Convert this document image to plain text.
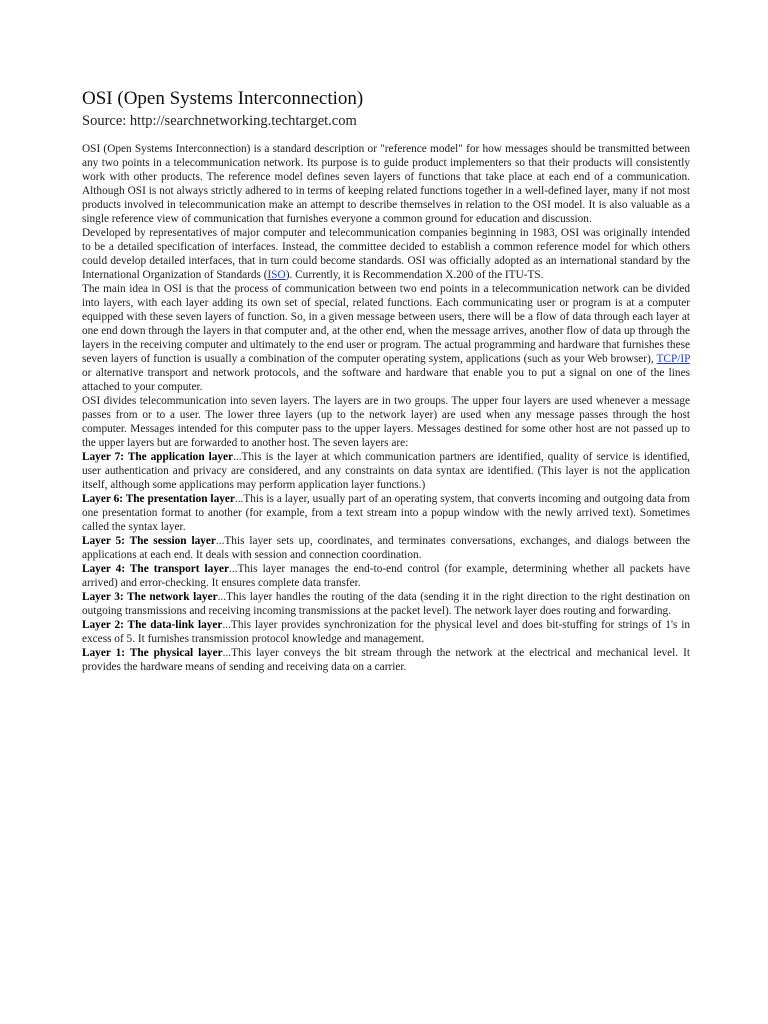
OSI (Open Systems Interconnection)
Source: http://searchnetworking.techtarget.com

OSI (Open Systems Interconnection) is a standard description or "reference model" for how messages should be transmitted between any two points in a telecommunication network. Its purpose is to guide product implementers so that their products will consistently work with other products. The reference model defines seven layers of functions that take place at each end of a communication. Although OSI is not always strictly adhered to in terms of keeping related functions together in a well-defined layer, many if not most products involved in telecommunication make an attempt to describe themselves in relation to the OSI model. It is also valuable as a single reference view of communication that furnishes everyone a common ground for education and discussion.

Developed by representatives of major computer and telecommunication companies beginning in 1983, OSI was originally intended to be a detailed specification of interfaces. Instead, the committee decided to establish a common reference model for which others could develop detailed interfaces, that in turn could become standards. OSI was officially adopted as an international standard by the International Organization of Standards (ISO). Currently, it is Recommendation X.200 of the ITU-TS.

The main idea in OSI is that the process of communication between two end points in a telecommunication network can be divided into layers, with each layer adding its own set of special, related functions. Each communicating user or program is at a computer equipped with these seven layers of function. So, in a given message between users, there will be a flow of data through each layer at one end down through the layers in that computer and, at the other end, when the message arrives, another flow of data up through the layers in the receiving computer and ultimately to the end user or program. The actual programming and hardware that furnishes these seven layers of function is usually a combination of the computer operating system, applications (such as your Web browser), TCP/IP or alternative transport and network protocols, and the software and hardware that enable you to put a signal on one of the lines attached to your computer.

OSI divides telecommunication into seven layers. The layers are in two groups. The upper four layers are used whenever a message passes from or to a user. The lower three layers (up to the network layer) are used when any message passes through the host computer. Messages intended for this computer pass to the upper layers. Messages destined for some other host are not passed up to the upper layers but are forwarded to another host. The seven layers are:

Layer 7: The application layer...This is the layer at which communication partners are identified, quality of service is identified, user authentication and privacy are considered, and any constraints on data syntax are identified. (This layer is not the application itself, although some applications may perform application layer functions.)

Layer 6: The presentation layer...This is a layer, usually part of an operating system, that converts incoming and outgoing data from one presentation format to another (for example, from a text stream into a popup window with the newly arrived text). Sometimes called the syntax layer.

Layer 5: The session layer...This layer sets up, coordinates, and terminates conversations, exchanges, and dialogs between the applications at each end. It deals with session and connection coordination.

Layer 4: The transport layer...This layer manages the end-to-end control (for example, determining whether all packets have arrived) and error-checking. It ensures complete data transfer.

Layer 3: The network layer...This layer handles the routing of the data (sending it in the right direction to the right destination on outgoing transmissions and receiving incoming transmissions at the packet level). The network layer does routing and forwarding.

Layer 2: The data-link layer...This layer provides synchronization for the physical level and does bit-stuffing for strings of 1's in excess of 5. It furnishes transmission protocol knowledge and management.

Layer 1: The physical layer...This layer conveys the bit stream through the network at the electrical and mechanical level. It provides the hardware means of sending and receiving data on a carrier.
